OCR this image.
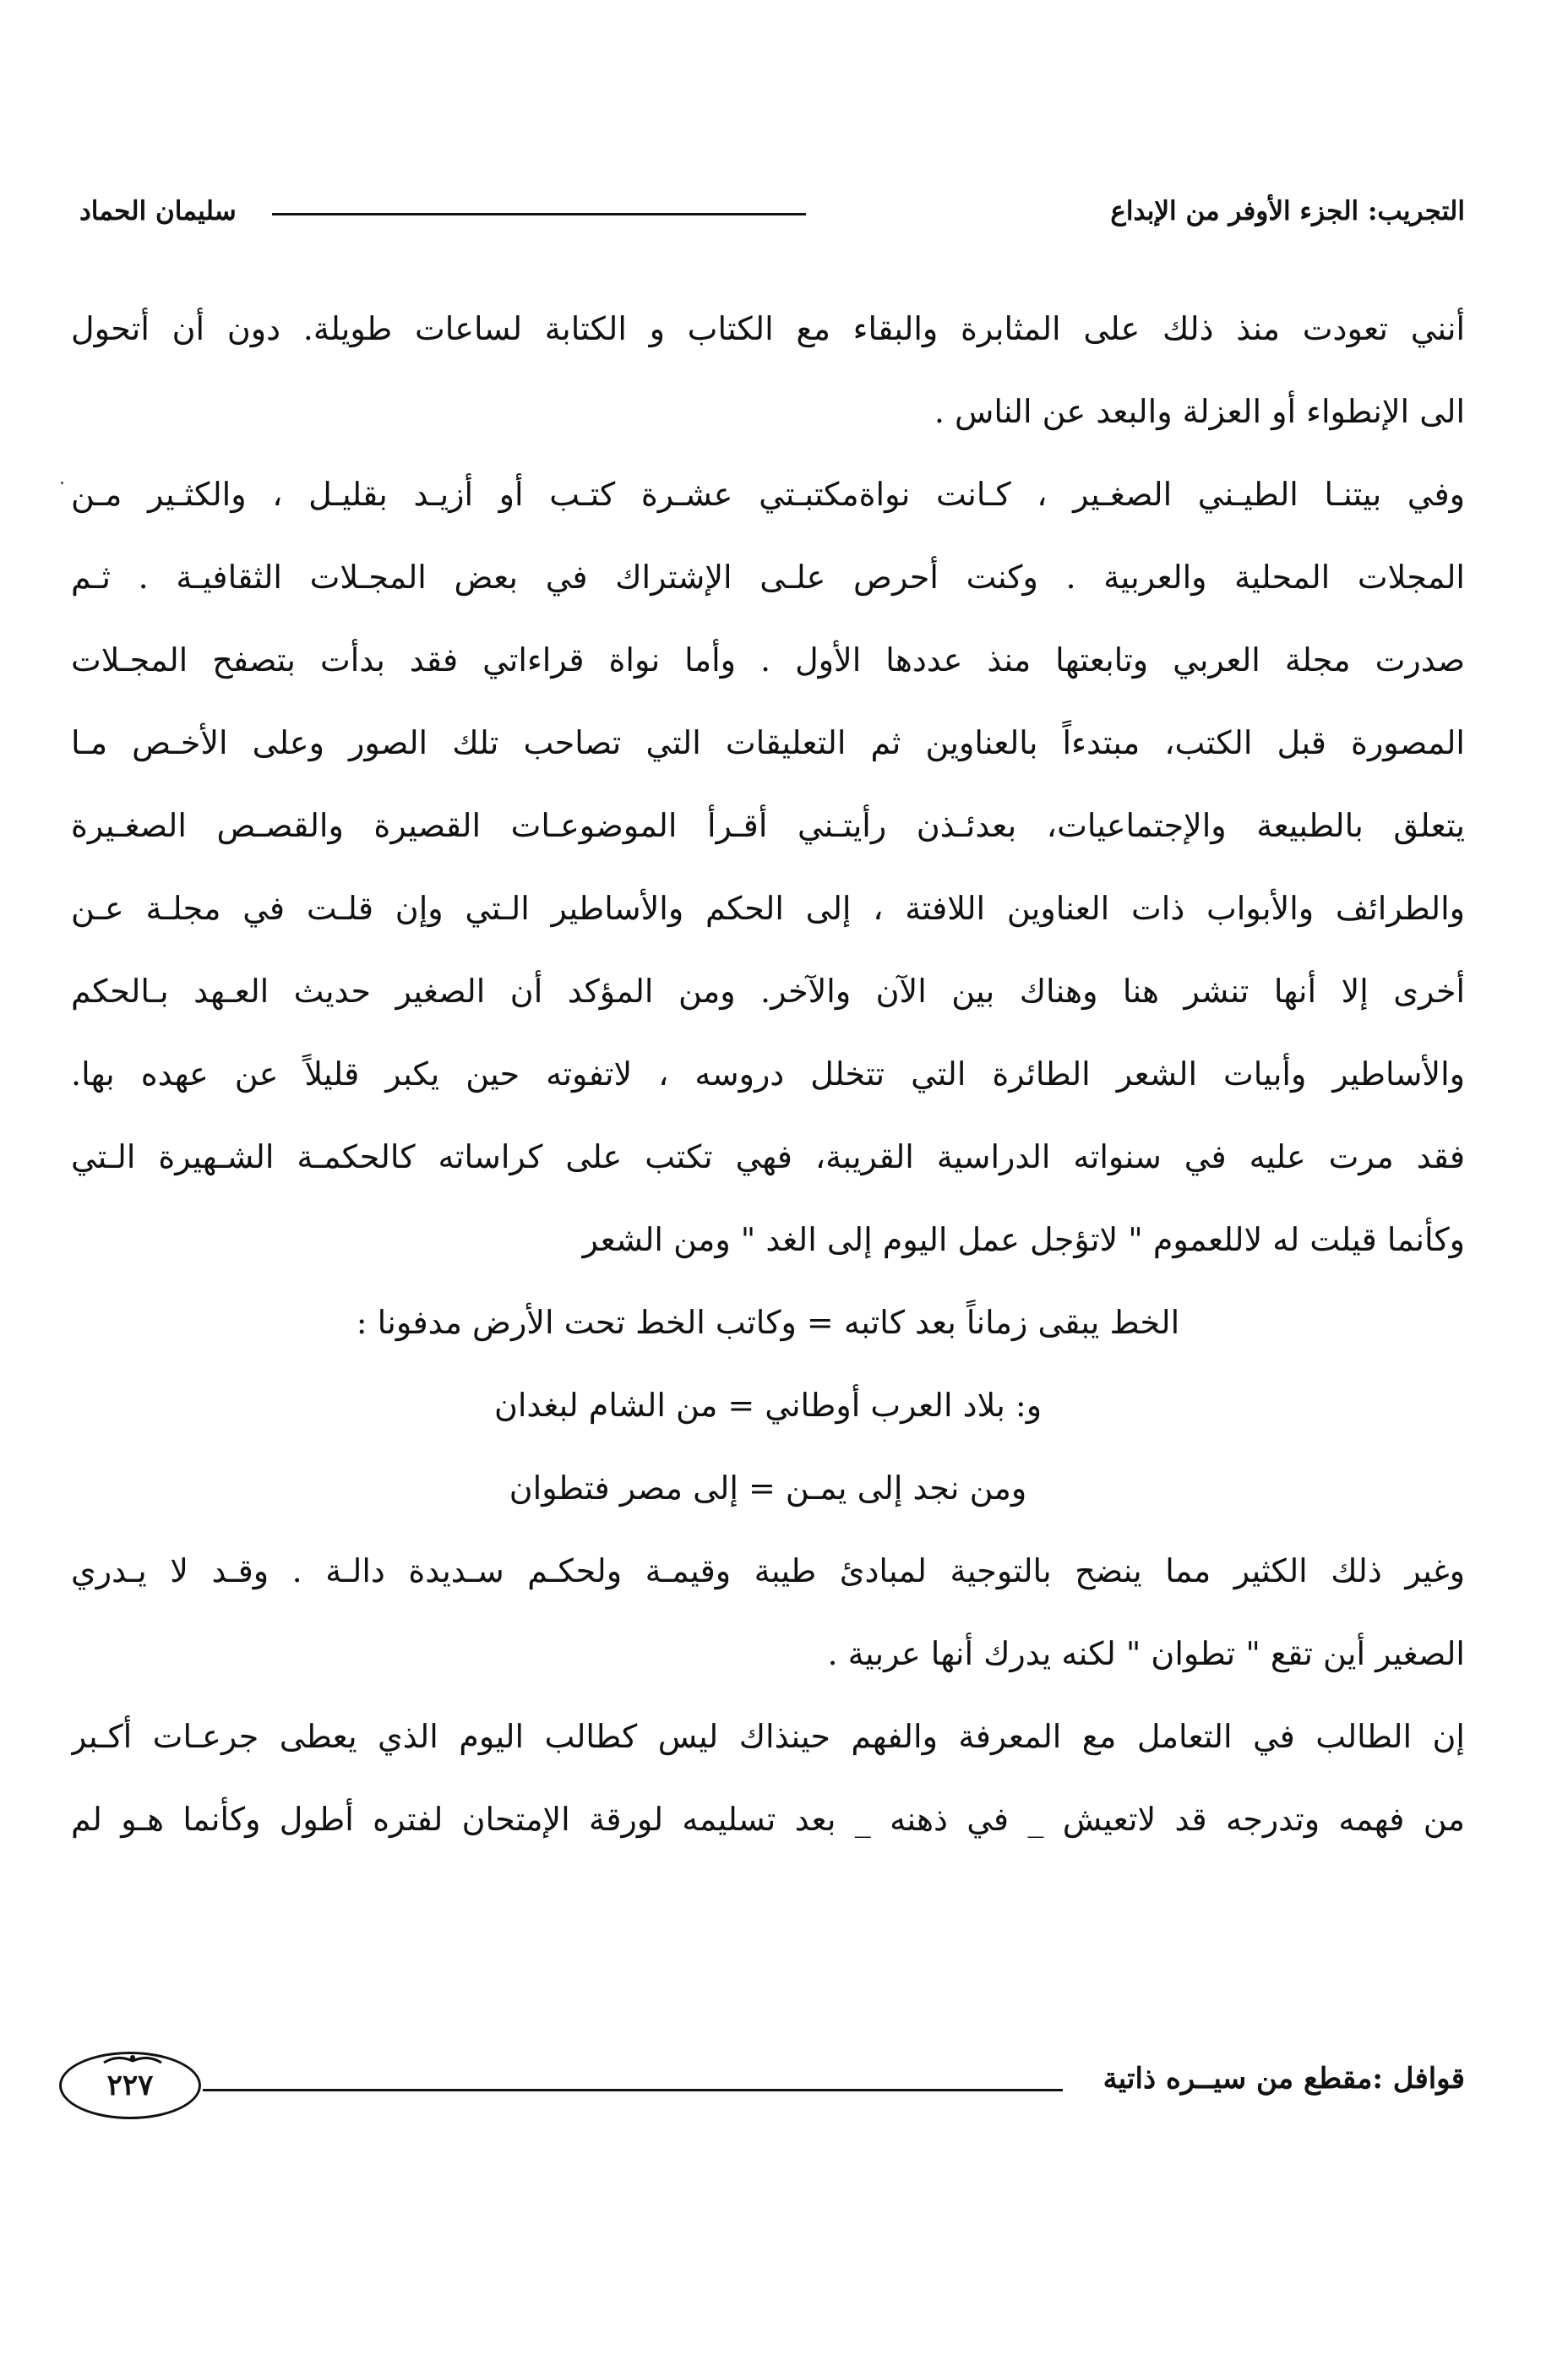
التجريب: الجزء الأوفر من الإبداع
سليمان الحماد
أنني تعودت منذ ذلك على المثابرة والبقاء مع الكتاب و الكتابة لساعات طويلة. دون أن أتحول
الى الإنطواء أو العزلة والبعد عن الناس .
وفي بيتنـا الطيـني الصغـير ، كـانت نواةمكتبـتي عشـرة كتـب أو أزيـد بقليـل ، والكثـير مـن
المجلات المحلية والعربية . وكنت أحرص علـى الإشتراك في بعض المجـلات الثقافيـة . ثـم
صدرت مجلة العربي وتابعتها منذ عددها الأول . وأما نواة قراءاتي فقد بدأت بتصفح المجـلات
المصورة قبل الكتب، مبتدءاً بالعناوين ثم التعليقات التي تصاحب تلك الصور وعلى الأخـص مـا
يتعلق بالطبيعة والإجتماعيات، بعدئـذن رأيتـني أقـرأ الموضوعـات القصيرة والقصـص الصغـيرة
والطرائف والأبواب ذات العناوين اللافتة ، إلى الحكم والأساطير الـتي وإن قلـت في مجلـة عـن
أخرى إلا أنها تنشر هنا وهناك بين الآن والآخر. ومن المؤكد أن الصغير حديث العـهد بـالحكم
والأساطير وأبيات الشعر الطائرة التي تتخلل دروسه ، لاتفوته حين يكبر قليلاً عن عهده بها.
فقد مرت عليه في سنواته الدراسية القريبة، فهي تكتب على كراساته كالحكمـة الشـهيرة الـتي
وكأنما قيلت له لاللعموم " لاتؤجل عمل اليوم إلى الغد " ومن الشعر
الخط يبقى زماناً بعد كاتبه = وكاتب الخط تحت الأرض مدفونا :
و: بلاد العرب أوطاني = من الشام لبغدان
ومن نجد إلى يمـن = إلى مصر فتطوان
وغير ذلك الكثير مما ينضح بالتوجية لمبادئ طيبة وقيمـة ولحكـم سـديدة دالـة . وقـد لا يـدري
الصغير أين تقع " تطوان " لكنه يدرك أنها عربية .
إن الطالب في التعامل مع المعرفة والفهم حينذاك ليس كطالب اليوم الذي يعطى جرعـات أكـبر
من فهمه وتدرجه قد لاتعيش _ في ذهنه _ بعد تسليمه لورقة الإمتحان لفتره أطول وكأنما هـو لم
قوافل :مقطع من سيــره ذاتية
٢٢٧
